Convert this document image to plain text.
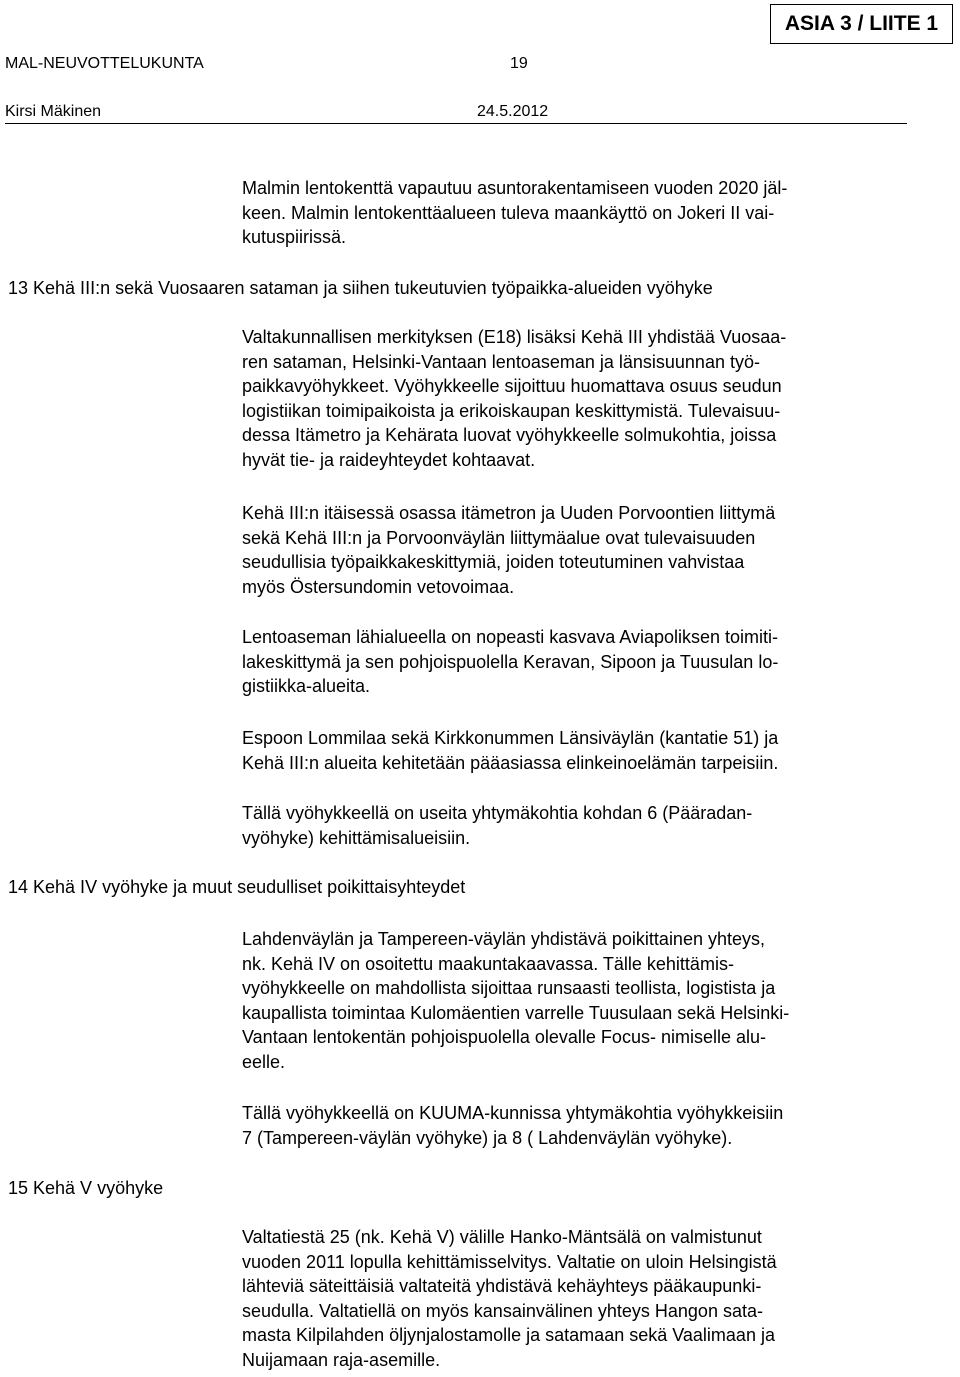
ASIA 3 / LIITE 1
MAL-NEUVOTTELUKUNTA	19
Kirsi Mäkinen	24.5.2012
Malmin lentokenttä vapautuu asuntorakentamiseen vuoden 2020 jäl-
keen. Malmin lentokenttäalueen tuleva maankäyttö on Jokeri II vai-
kutuspiirissä.
13 Kehä III:n sekä Vuosaaren sataman ja siihen tukeutuvien työpaikka-alueiden vyöhyke
Valtakunnallisen merkityksen (E18) lisäksi Kehä III yhdistää Vuosaa-
ren sataman, Helsinki-Vantaan lentoaseman ja länsisuunnan työ-
paikkavyöhykkeet. Vyöhykkeelle sijoittuu huomattava osuus seudun
logistiikan toimipaikoista ja erikoiskaupan keskittymistä. Tulevaisuu-
dessa Itämetro ja Kehärata luovat vyöhykkeelle solmukohtia, joissa
hyvät tie- ja raideyhteydet kohtaavat.
Kehä III:n itäisessä osassa itämetron ja Uuden Porvoontien liittymä
sekä Kehä III:n ja Porvoonväylän liittymäalue ovat tulevaisuuden
seudullisia työpaikkakeskittymiä, joiden toteutuminen vahvistaa
myös Östersundomin vetovoimaa.
Lentoaseman lähialueella on nopeasti kasvava Aviapoliksen toimiti-
lakeskittymä ja sen pohjoispuolella Keravan, Sipoon ja Tuusulan lo-
gistiikka-alueita.
Espoon Lommilaa sekä Kirkkonummen Länsiväylän (kantatie 51) ja
Kehä III:n alueita kehitetään pääasiassa elinkeinoelämän tarpeisiin.
Tällä vyöhykkeellä on useita yhtymäkohtia kohdan 6 (Pääradan-
vyöhyke) kehittämisalueisiin.
14 Kehä IV vyöhyke ja muut seudulliset poikittaisyhteydet
Lahdenväylän ja Tampereen-väylän yhdistävä poikittainen yhteys,
nk. Kehä IV on osoitettu maakuntakaavassa. Tälle kehittämis-
vyöhykkeelle on mahdollista sijoittaa runsaasti teollista, logistista ja
kaupallista toimintaa Kulomäentien varrelle Tuusulaan sekä Helsinki-
Vantaan lentokentän pohjoispuolella olevalle Focus- nimiselle alu-
eelle.
Tällä vyöhykkeellä on KUUMA-kunnissa yhtymäkohtia vyöhykkeisiin
7 (Tampereen-väylän vyöhyke) ja 8 ( Lahdenväylän vyöhyke).
15 Kehä V vyöhyke
Valtatiestä 25 (nk. Kehä V) välille Hanko-Mäntsälä on valmistunut
vuoden 2011 lopulla kehittämisselvitys. Valtatie on uloin Helsingistä
lähteviä säteittäisiä valtateitä yhdistävä kehäyhteys pääkaupunki-
seudulla. Valtatiellä on myös kansainvälinen yhteys Hangon sata-
masta Kilpilahden öljynjalostamolle ja satamaan sekä Vaalimaan ja
Nuijamaan raja-asemille.
